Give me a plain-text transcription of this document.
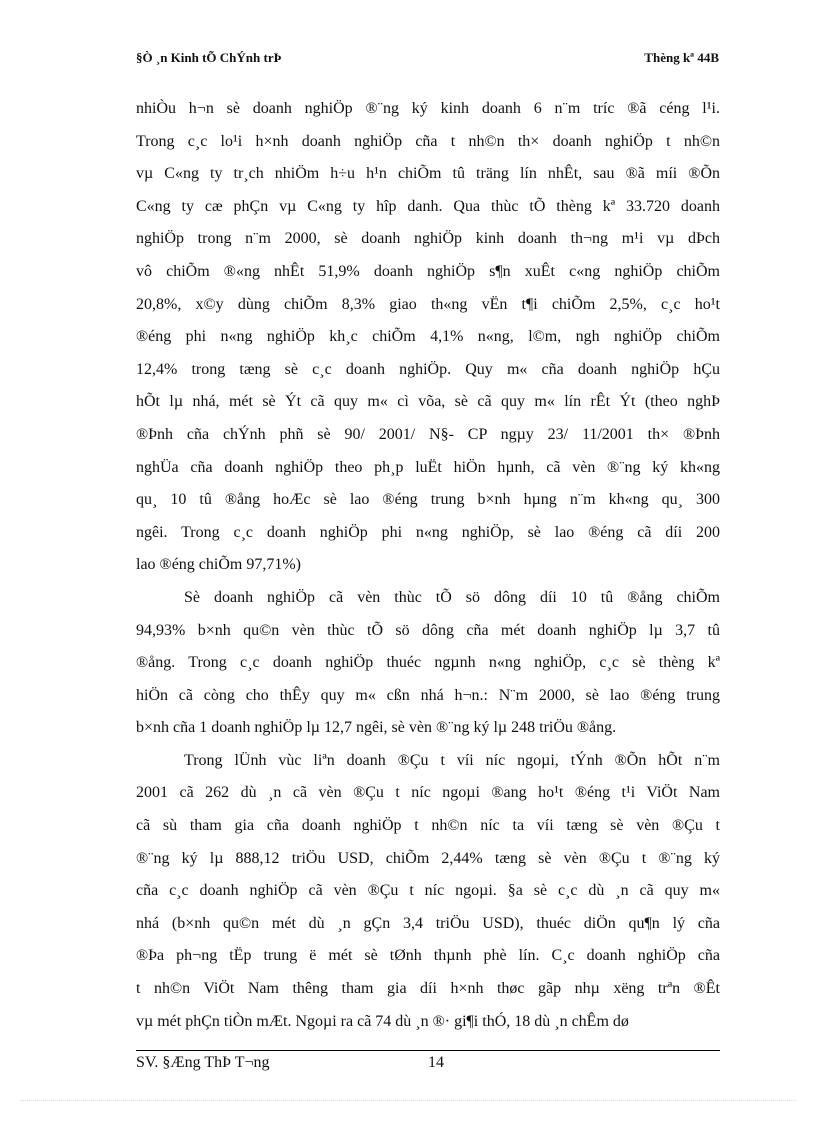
§Ò ¸n Kinh tÕ ChÝnh trÞ	Thèng kª 44B
nhiÒu h¬n sè doanh nghiÖp ®¨ng ký kinh doanh 6 n¨m tríc ®ã céng l¹i.
Trong c¸c lo¹i h×nh doanh nghiÖp cña t nh©n th× doanh nghiÖp t nh©n
vµ C«ng ty tr¸ch nhiÖm h÷u h¹n chiÕm tû träng lín nhÊt, sau ®ã míi ®Õn
C«ng ty cæ phÇn vµ C«ng ty hîp danh. Qua thùc tÕ thèng kª 33.720 doanh
nghiÖp trong n¨m 2000, sè doanh nghiÖp kinh doanh th¬ng m¹i vµ dÞch
vô chiÕm ®«ng nhÊt 51,9% doanh nghiÖp s¶n xuÊt c«ng nghiÖp chiÕm
20,8%, x©y dùng chiÕm 8,3% giao th«ng vËn t¶i chiÕm 2,5%, c¸c ho¹t
®éng phi n«ng nghiÖp kh¸c chiÕm 4,1% n«ng, l©m, ngh nghiÖp chiÕm
12,4% trong tæng sè c¸c doanh nghiÖp. Quy m« cña doanh nghiÖp hÇu
hÕt lµ nhá, mét sè Ýt cã quy m« cì võa, sè cã quy m« lín rÊt Ýt (theo nghÞ
®Þnh cña chÝnh phñ sè 90/ 2001/ N§- CP ngµy 23/ 11/2001 th× ®Þnh
nghÜa cña doanh nghiÖp theo ph¸p luËt hiÖn hµnh, cã vèn ®¨ng ký kh«ng
qu¸ 10 tû ®ång hoÆc sè lao ®éng trung b×nh hµng n¨m kh«ng qu¸ 300
ngêi. Trong c¸c doanh nghiÖp phi n«ng nghiÖp, sè lao ®éng cã díi 200
lao ®éng chiÕm 97,71%)
Sè doanh nghiÖp cã vèn thùc tÕ sö dông díi 10 tû ®ång chiÕm
94,93% b×nh qu©n vèn thùc tÕ sö dông cña mét doanh nghiÖp lµ 3,7 tû
®ång. Trong c¸c doanh nghiÖp thuéc ngµnh n«ng nghiÖp, c¸c sè thèng kª
hiÖn cã còng cho thÊy quy m« cßn nhá h¬n.: N¨m 2000, sè lao ®éng trung
b×nh cña 1 doanh nghiÖp lµ 12,7 ngêi, sè vèn ®¨ng ký lµ 248 triÖu ®ång.
Trong lÜnh vùc liªn doanh ®Çu t víi níc ngoµi, tÝnh ®Õn hÕt n¨m
2001 cã 262 dù ¸n cã vèn ®Çu t níc ngoµi ®ang ho¹t ®éng t¹i ViÖt Nam
cã sù tham gia cña doanh nghiÖp t nh©n níc ta víi tæng sè vèn ®Çu t
®¨ng ký lµ 888,12 triÖu USD, chiÕm 2,44% tæng sè vèn ®Çu t ®¨ng ký
cña c¸c doanh nghiÖp cã vèn ®Çu t níc ngoµi. §a sè c¸c dù ¸n cã quy m«
nhá (b×nh qu©n mét dù ¸n gÇn 3,4 triÖu USD), thuéc diÖn qu¶n lý cña
®Þa ph¬ng tËp trung ë mét sè tØnh thµnh phè lín. C¸c doanh nghiÖp cña
t nh©n ViÖt Nam thêng tham gia díi h×nh thøc gãp nhµ xëng trªn ®Êt
vµ mét phÇn tiÒn mÆt. Ngoµi ra cã 74 dù ¸n ®· gi¶i thÓ, 18 dù ¸n chÊm dø
SV. §Æng ThÞ T¬ng	14
